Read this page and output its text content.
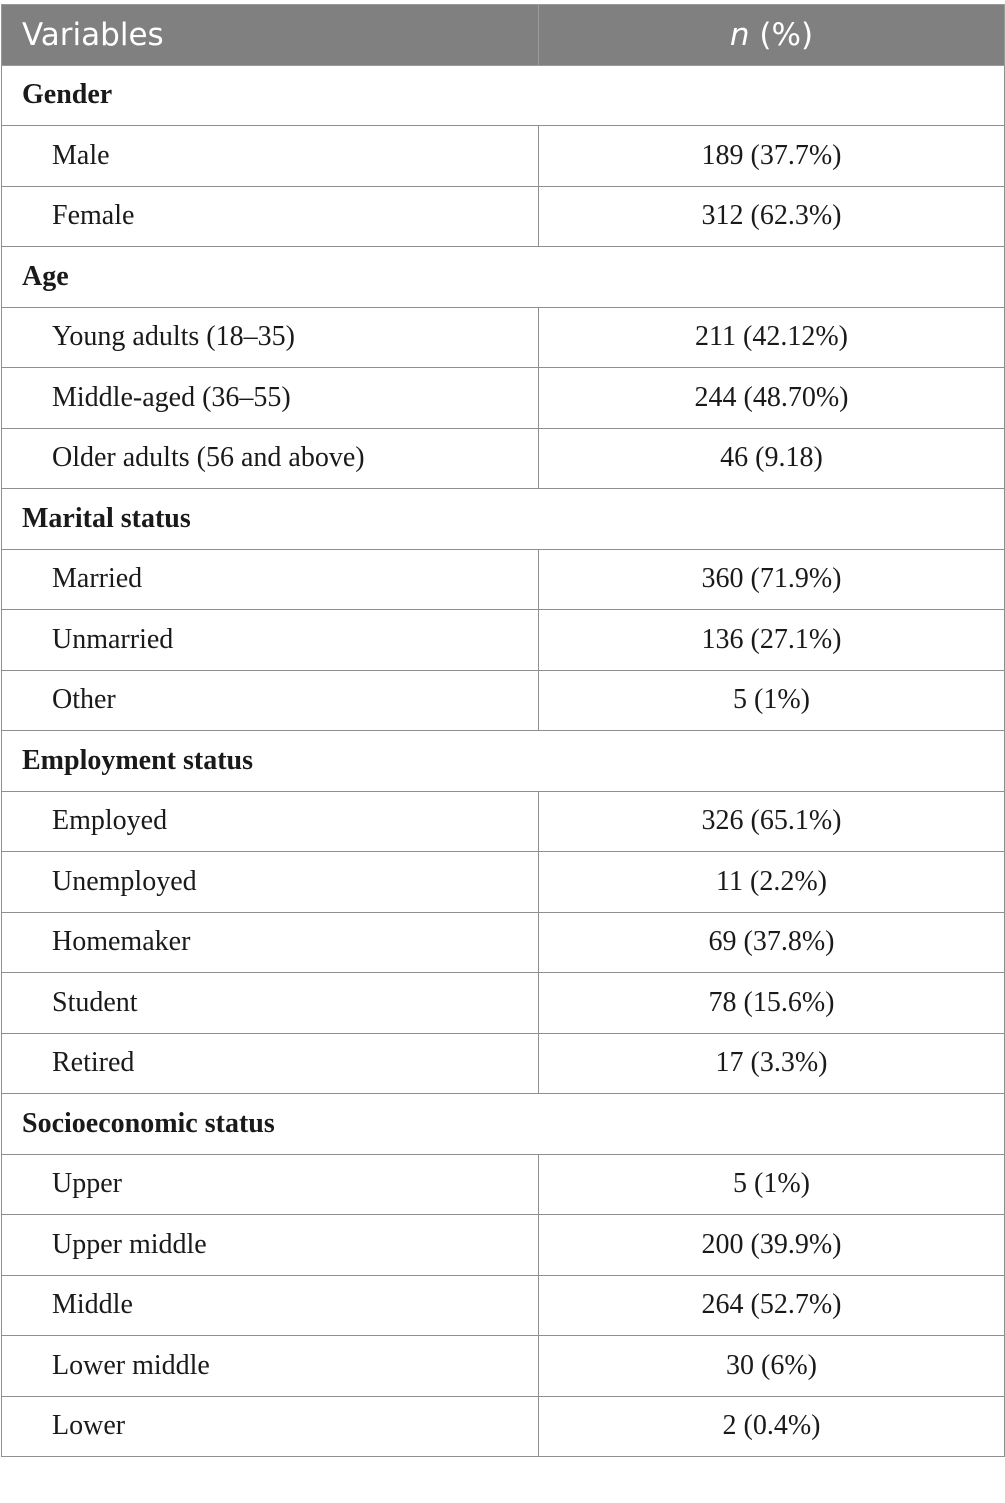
Variables	n (%)
Gender	
Male	189 (37.7%)
Female	312 (62.3%)
Age	
Young adults (18–35)	211 (42.12%)
Middle-aged (36–55)	244 (48.70%)
Older adults (56 and above)	46 (9.18)
Marital status	
Married	360 (71.9%)
Unmarried	136 (27.1%)
Other	5 (1%)
Employment status	
Employed	326 (65.1%)
Unemployed	11 (2.2%)
Homemaker	69 (37.8%)
Student	78 (15.6%)
Retired	17 (3.3%)
Socioeconomic status	
Upper	5 (1%)
Upper middle	200 (39.9%)
Middle	264 (52.7%)
Lower middle	30 (6%)
Lower	2 (0.4%)
